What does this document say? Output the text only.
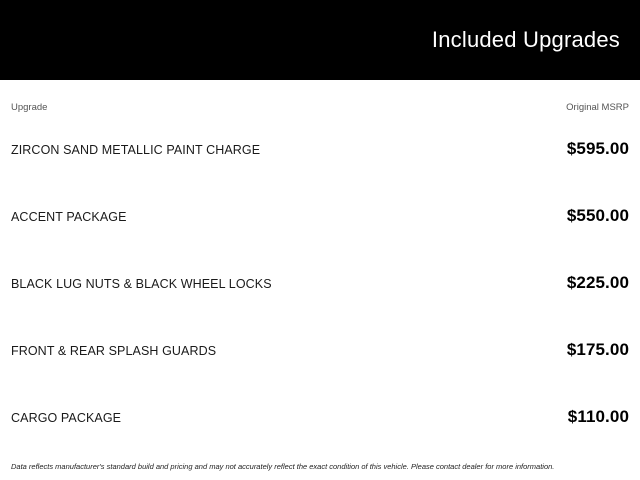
Included Upgrades
Upgrade	Original MSRP
ZIRCON SAND METALLIC PAINT CHARGE	$595.00
ACCENT PACKAGE	$550.00
BLACK LUG NUTS & BLACK WHEEL LOCKS	$225.00
FRONT & REAR SPLASH GUARDS	$175.00
CARGO PACKAGE	$110.00
Data reflects manufacturer's standard build and pricing and may not accurately reflect the exact condition of this vehicle. Please contact dealer for more information.
